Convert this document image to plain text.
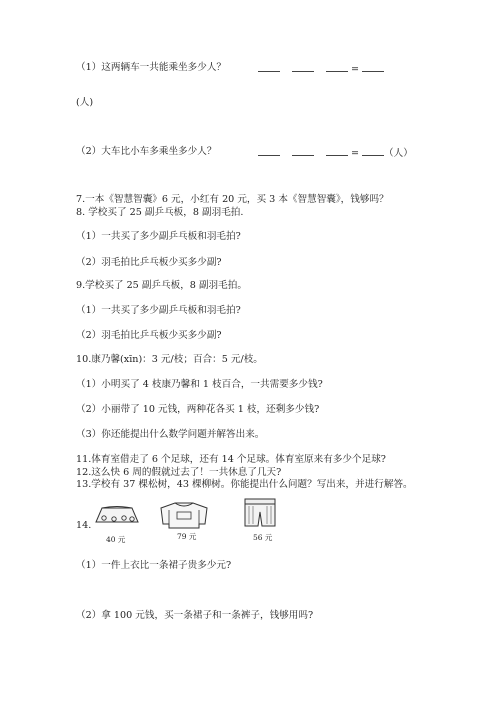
（1）这两辆车一共能乘坐多少人？	=
(人)
（2）大车比小车多乘坐多少人？	=	（人）
7.一本《智慧智囊》6 元，小红有 20 元，买 3 本《智慧智囊》，钱够吗？
8. 学校买了 25 副乒乓板，8 副羽毛拍.
（1）一共买了多少副乒乓板和羽毛拍?
（2）羽毛拍比乒乓板少买多少副?
9.学校买了 25 副乒乓板，8 副羽毛拍。
（1）一共买了多少副乒乓板和羽毛拍?
（2）羽毛拍比乒乓板少买多少副?
10.康乃馨(xīn)：3 元/枝；百合：5 元/枝。
（1）小明买了 4 枝康乃馨和 1 枝百合，一共需要多少钱?
（2）小丽带了 10 元钱，两种花各买 1 枝，还剩多少钱?
（3）你还能提出什么数学问题并解答出来。
11.体育室借走了 6 个足球，还有 14 个足球。体育室原来有多少个足球?
12.这么快 6 周的假就过去了！一共休息了几天?
13.学校有 37 棵松树，43 棵柳树。你能提出什么问题？写出来，并进行解答。
14.
40 元	79 元	56 元
（1）一件上衣比一条裙子贵多少元?
（2）拿 100 元钱，买一条裙子和一条裤子，钱够用吗?
